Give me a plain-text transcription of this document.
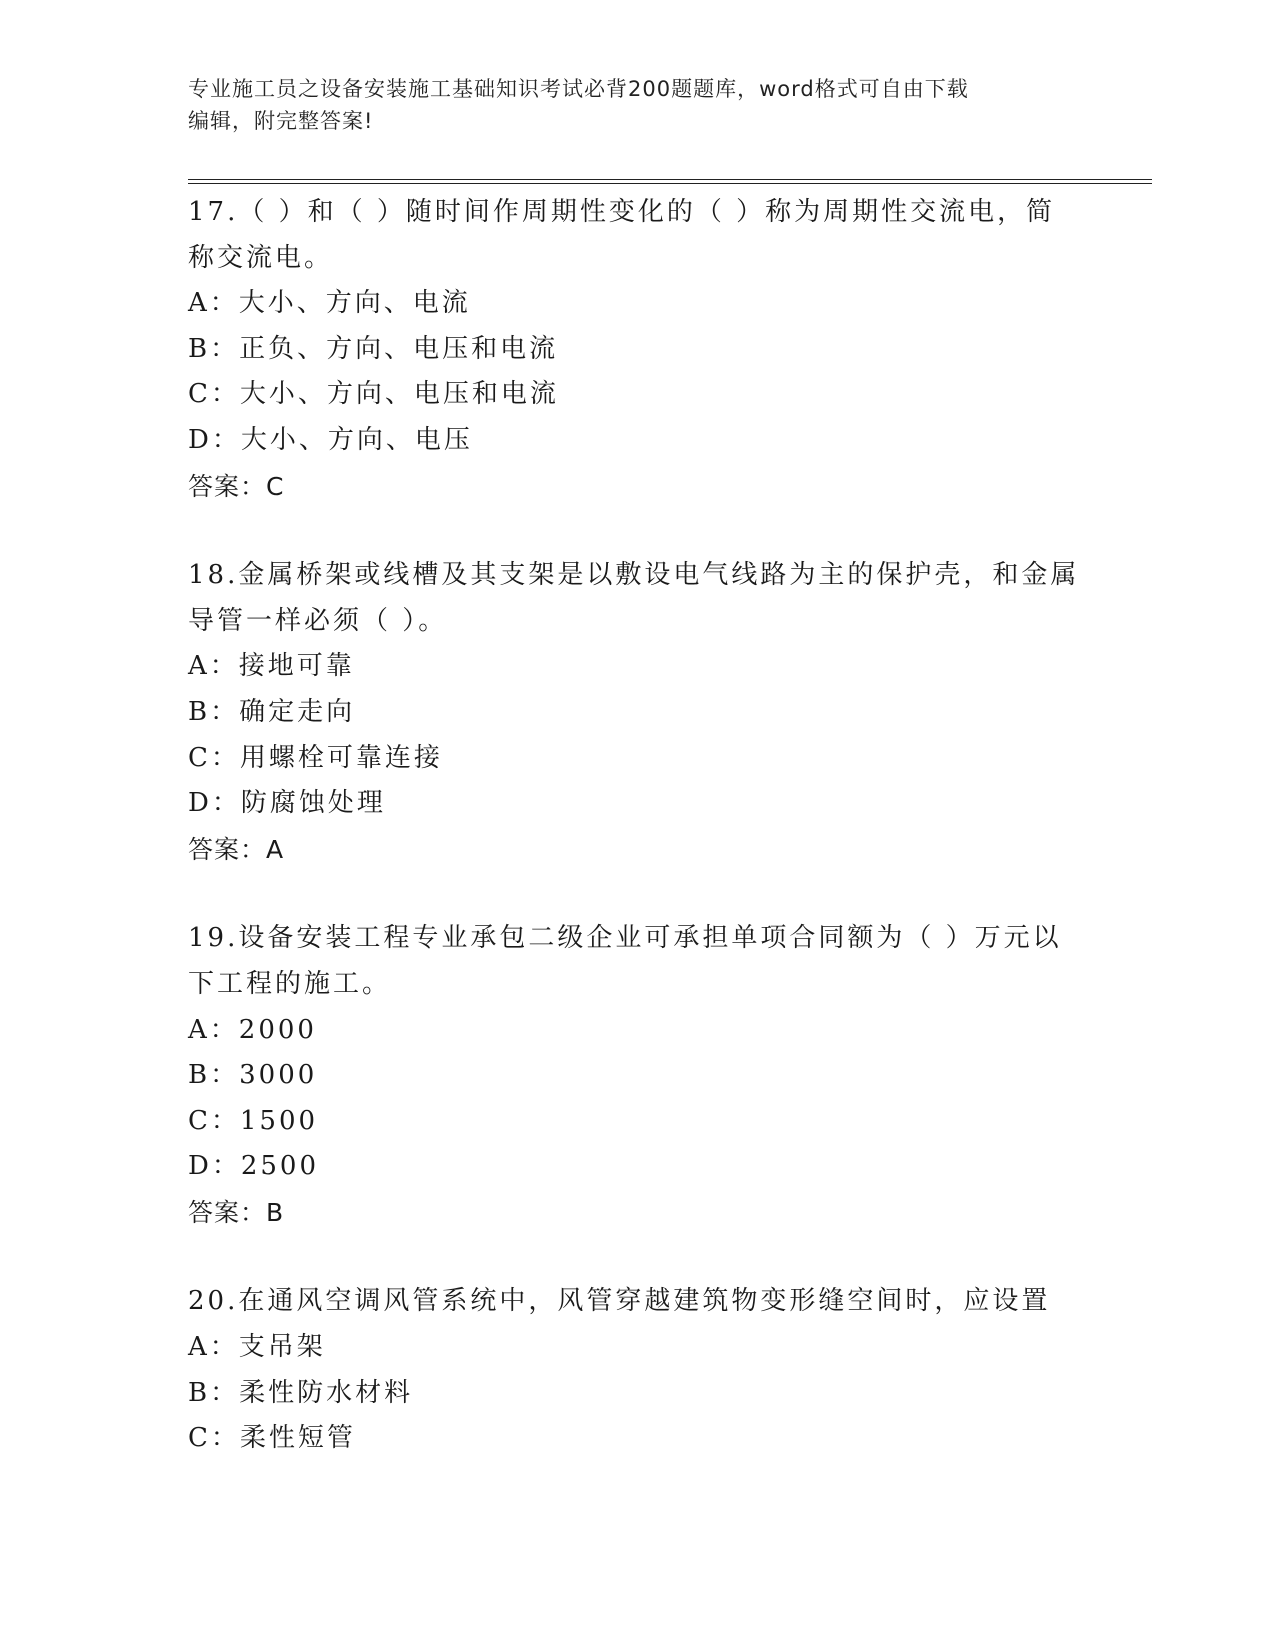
专业施工员之设备安装施工基础知识考试必背200题题库，word格式可自由下载
编辑，附完整答案!
17.（ ）和（ ）随时间作周期性变化的（ ）称为周期性交流电，简
称交流电。
A：大小、方向、电流
B：正负、方向、电压和电流
C：大小、方向、电压和电流
D：大小、方向、电压
答案：C
18.金属桥架或线槽及其支架是以敷设电气线路为主的保护壳，和金属
导管一样必须（ ）。
A：接地可靠
B：确定走向
C：用螺栓可靠连接
D：防腐蚀处理
答案：A
19.设备安装工程专业承包二级企业可承担单项合同额为（ ）万元以
下工程的施工。
A：2000
B：3000
C：1500
D：2500
答案：B
20.在通风空调风管系统中，风管穿越建筑物变形缝空间时，应设置
A：支吊架
B：柔性防水材料
C：柔性短管
